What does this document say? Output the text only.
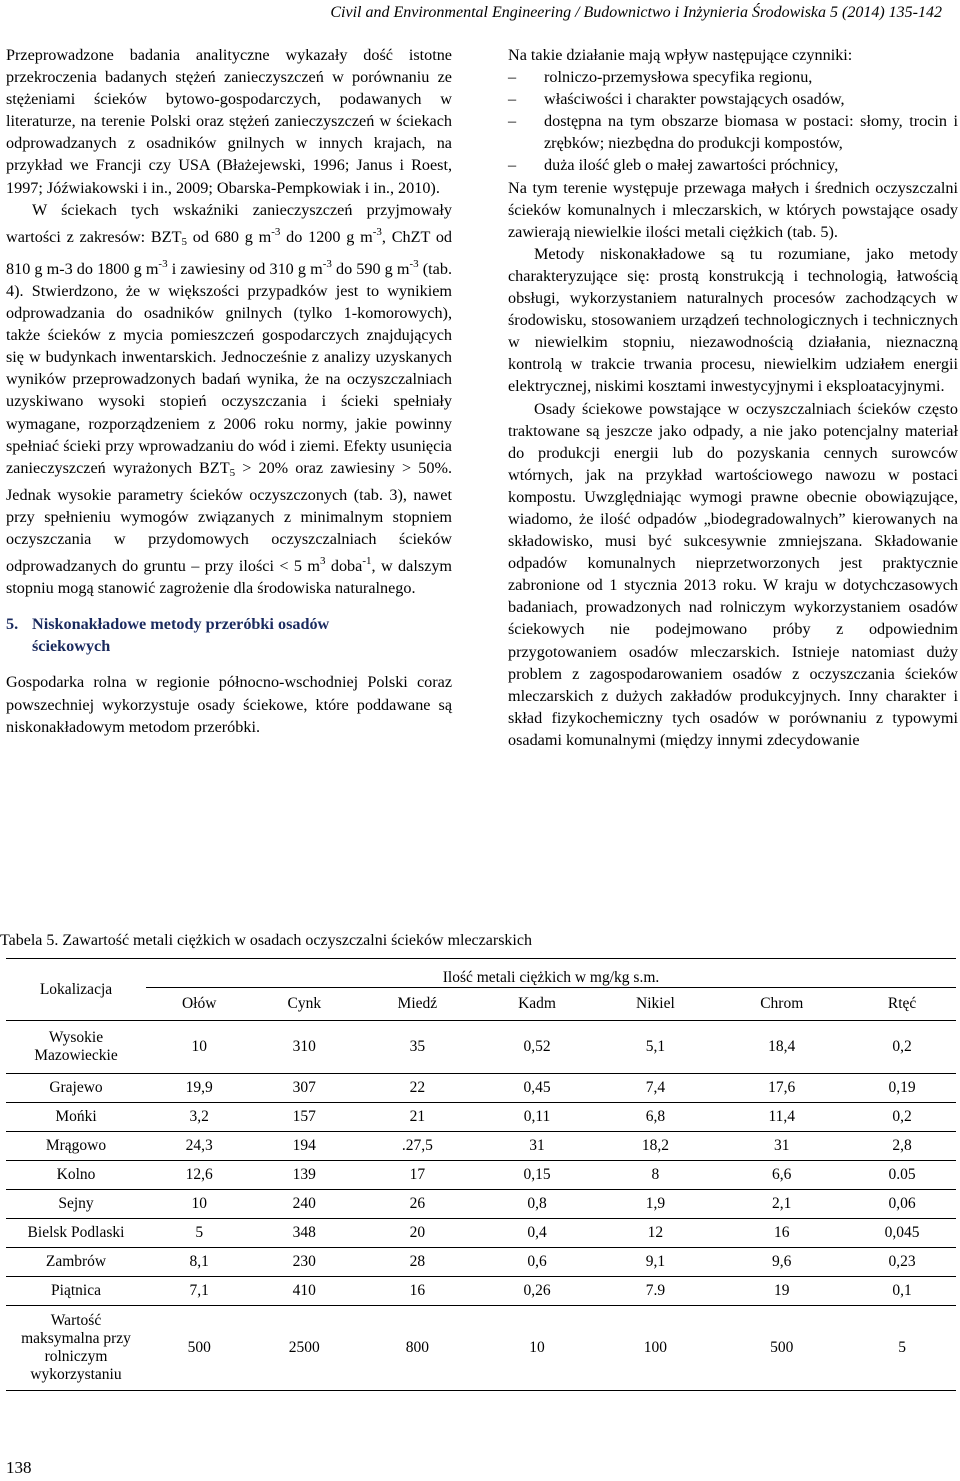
Civil and Environmental Engineering / Budownictwo i Inżynieria Środowiska 5 (2014) 135-142

Przeprowadzone badania analityczne wykazały dość istotne przekroczenia badanych stężeń zanieczyszczeń w porównaniu ze stężeniami ścieków bytowo-gospodarczych, podawanych w literaturze, na terenie Polski oraz stężeń zanieczyszczeń w ściekach odprowadzanych z osadników gnilnych w innych krajach, na przykład we Francji czy USA (Błażejewski, 1996; Janus i Roest, 1997; Jóźwiakowski i in., 2009; Obarska-Pempkowiak i in., 2010).

W ściekach tych wskaźniki zanieczyszczeń przyjmowały wartości z zakresów: $BZT_5$ od 680 g $m^{-3}$ do 1200 g $m^{-3}$, ChZT od 810 g m-3 do 1800 g $m^{-3}$ i zawiesiny od 310 g $m^{-3}$ do 590 g $m^{-3}$ (tab. 4). Stwierdzono, że w większości przypadków jest to wynikiem odprowadzania do osadników gnilnych (tylko 1-komorowych), także ścieków z mycia pomieszczeń gospodarczych znajdujących się w budynkach inwentarskich. Jednocześnie z analizy uzyskanych wyników przeprowadzonych badań wynika, że na oczyszczalniach uzyskiwano wysoki stopień oczyszczania i ścieki spełniały wymagane, rozporządzeniem z 2006 roku normy, jakie powinny spełniać ścieki przy wprowadzaniu do wód i ziemi. Efekty usunięcia zanieczyszczeń wyrażonych $BZT_5 > 20\%$ oraz zawiesiny > 50%. Jednak wysokie parametry ścieków oczyszczonych (tab. 3), nawet przy spełnieniu wymogów związanych z minimalnym stopniem oczyszczania w przydomowych oczyszczalniach ścieków odprowadzanych do gruntu – przy ilości < 5 $m^3$ doba$^{-1}$, w dalszym stopniu mogą stanowić zagrożenie dla środowiska naturalnego.

5. Niskonakładowe metody przeróbki osadów
ściekowych

Gospodarka rolna w regionie północno-wschodniej Polski coraz powszechniej wykorzystuje osady ściekowe, które poddawane są niskonakładowym metodom przeróbki.

Na takie działanie mają wpływ następujące czynniki:

–	rolniczo-przemysłowa specyfika regionu,
–	właściwości i charakter powstających osadów,
–	dostępna na tym obszarze biomasa w postaci: słomy, trocin i zrębków; niezbędna do produkcji kompostów,
–	duża ilość gleb o małej zawartości próchnicy,

Na tym terenie występuje przewaga małych i średnich oczyszczalni ścieków komunalnych i mleczarskich, w których powstające osady zawierają niewielkie ilości metali ciężkich (tab. 5).

Metody niskonakładowe są tu rozumiane, jako metody charakteryzujące się: prostą konstrukcją i technologią, łatwością obsługi, wykorzystaniem naturalnych procesów zachodzących w środowisku, stosowaniem urządzeń technologicznych i technicznych w niewielkim stopniu, niezawodnością działania, nieznaczną kontrolą w trakcie trwania procesu, niewielkim udziałem energii elektrycznej, niskimi kosztami inwestycyjnymi i eksploatacyjnymi.

Osady ściekowe powstające w oczyszczalniach ścieków często traktowane są jeszcze jako odpady, a nie jako potencjalny materiał do produkcji energii lub do pozyskania cennych surowców wtórnych, jak na przykład wartościowego nawozu w postaci kompostu. Uwzględniając wymogi prawne obecnie obowiązujące, wiadomo, że ilość odpadów „biodegradowalnych” kierowanych na składowisko, musi być sukcesywnie zmniejszana. Składowanie odpadów komunalnych nieprzetworzonych jest praktycznie zabronione od 1 stycznia 2013 roku. W kraju w dotychczasowych badaniach, prowadzonych nad rolniczym wykorzystaniem osadów ściekowych nie podejmowano próby z odpowiednim przygotowaniem osadów mleczarskich. Istnieje natomiast duży problem z zagospodarowaniem osadów z oczyszczania ścieków mleczarskich z dużych zakładów produkcyjnych. Inny charakter i skład fizykochemiczny tych osadów w porównaniu z typowymi osadami komunalnymi (między innymi zdecydowanie

Tabela 5. Zawartość metali ciężkich w osadach oczyszczalni ścieków mleczarskich
Lokalizacja	Ilość metali ciężkich w mg/kg s.m.						
	Ołów	Cynk	Miedź	Kadm	Nikiel	Chrom	Rtęć

Wysokie
Mazowieckie	10	310	35	0,52	5,1	18,4	0,2

Grajewo	19,9	307	22	0,45	7,4	17,6	0,19

Mońki	3,2	157	21	0,11	6,8	11,4	0,2

Mrągowo	24,3	194	.27,5	31	18,2	31	2,8

Kolno	12,6	139	17	0,15	8	6,6	0.05

Sejny	10	240	26	0,8	1,9	2,1	0,06

Bielsk Podlaski	5	348	20	0,4	12	16	0,045

Zambrów	8,1	230	28	0,6	9,1	9,6	0,23

Piątnica	7,1	410	16	0,26	7.9	19	0,1

Wartość
maksymalna przy
rolniczym
wykorzystaniu	500	2500	800	10	100	500	5
138
